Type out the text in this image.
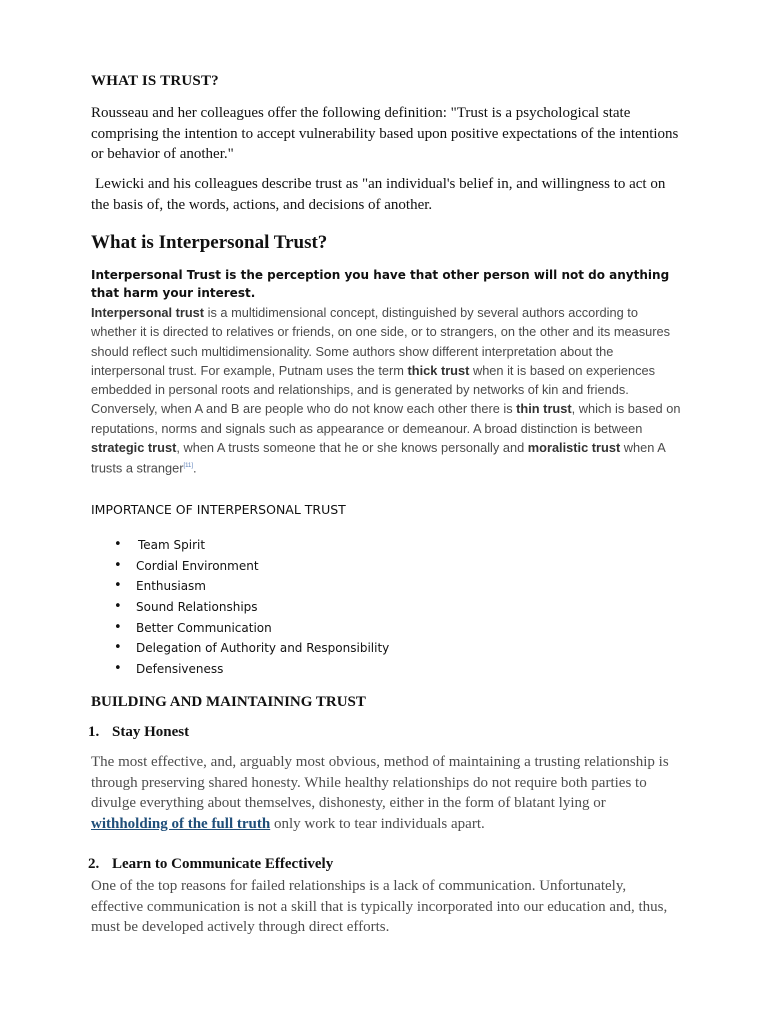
WHAT IS TRUST?
Rousseau and her colleagues offer the following definition: "Trust is a psychological state comprising the intention to accept vulnerability based upon positive expectations of the intentions or behavior of another."
Lewicki and his colleagues describe trust as "an individual's belief in, and willingness to act on the basis of, the words, actions, and decisions of another.
What is Interpersonal Trust?
Interpersonal Trust is the perception you have that other person will not do anything that harm your interest.
Interpersonal trust is a multidimensional concept, distinguished by several authors according to whether it is directed to relatives or friends, on one side, or to strangers, on the other and its measures should reflect such multidimensionality. Some authors show different interpretation about the interpersonal trust. For example, Putnam uses the term thick trust when it is based on experiences embedded in personal roots and relationships, and is generated by networks of kin and friends. Conversely, when A and B are people who do not know each other there is thin trust, which is based on reputations, norms and signals such as appearance or demeanour. A broad distinction is between strategic trust, when A trusts someone that he or she knows personally and moralistic trust when A trusts a stranger[11].
IMPORTANCE OF INTERPERSONAL TRUST
• Team Spirit
• Cordial Environment
• Enthusiasm
• Sound Relationships
• Better Communication
• Delegation of Authority and Responsibility
• Defensiveness
BUILDING AND MAINTAINING TRUST
1. Stay Honest
The most effective, and, arguably most obvious, method of maintaining a trusting relationship is through preserving shared honesty. While healthy relationships do not require both parties to divulge everything about themselves, dishonesty, either in the form of blatant lying or withholding of the full truth only work to tear individuals apart.
2. Learn to Communicate Effectively
One of the top reasons for failed relationships is a lack of communication. Unfortunately, effective communication is not a skill that is typically incorporated into our education and, thus, must be developed actively through direct efforts.
